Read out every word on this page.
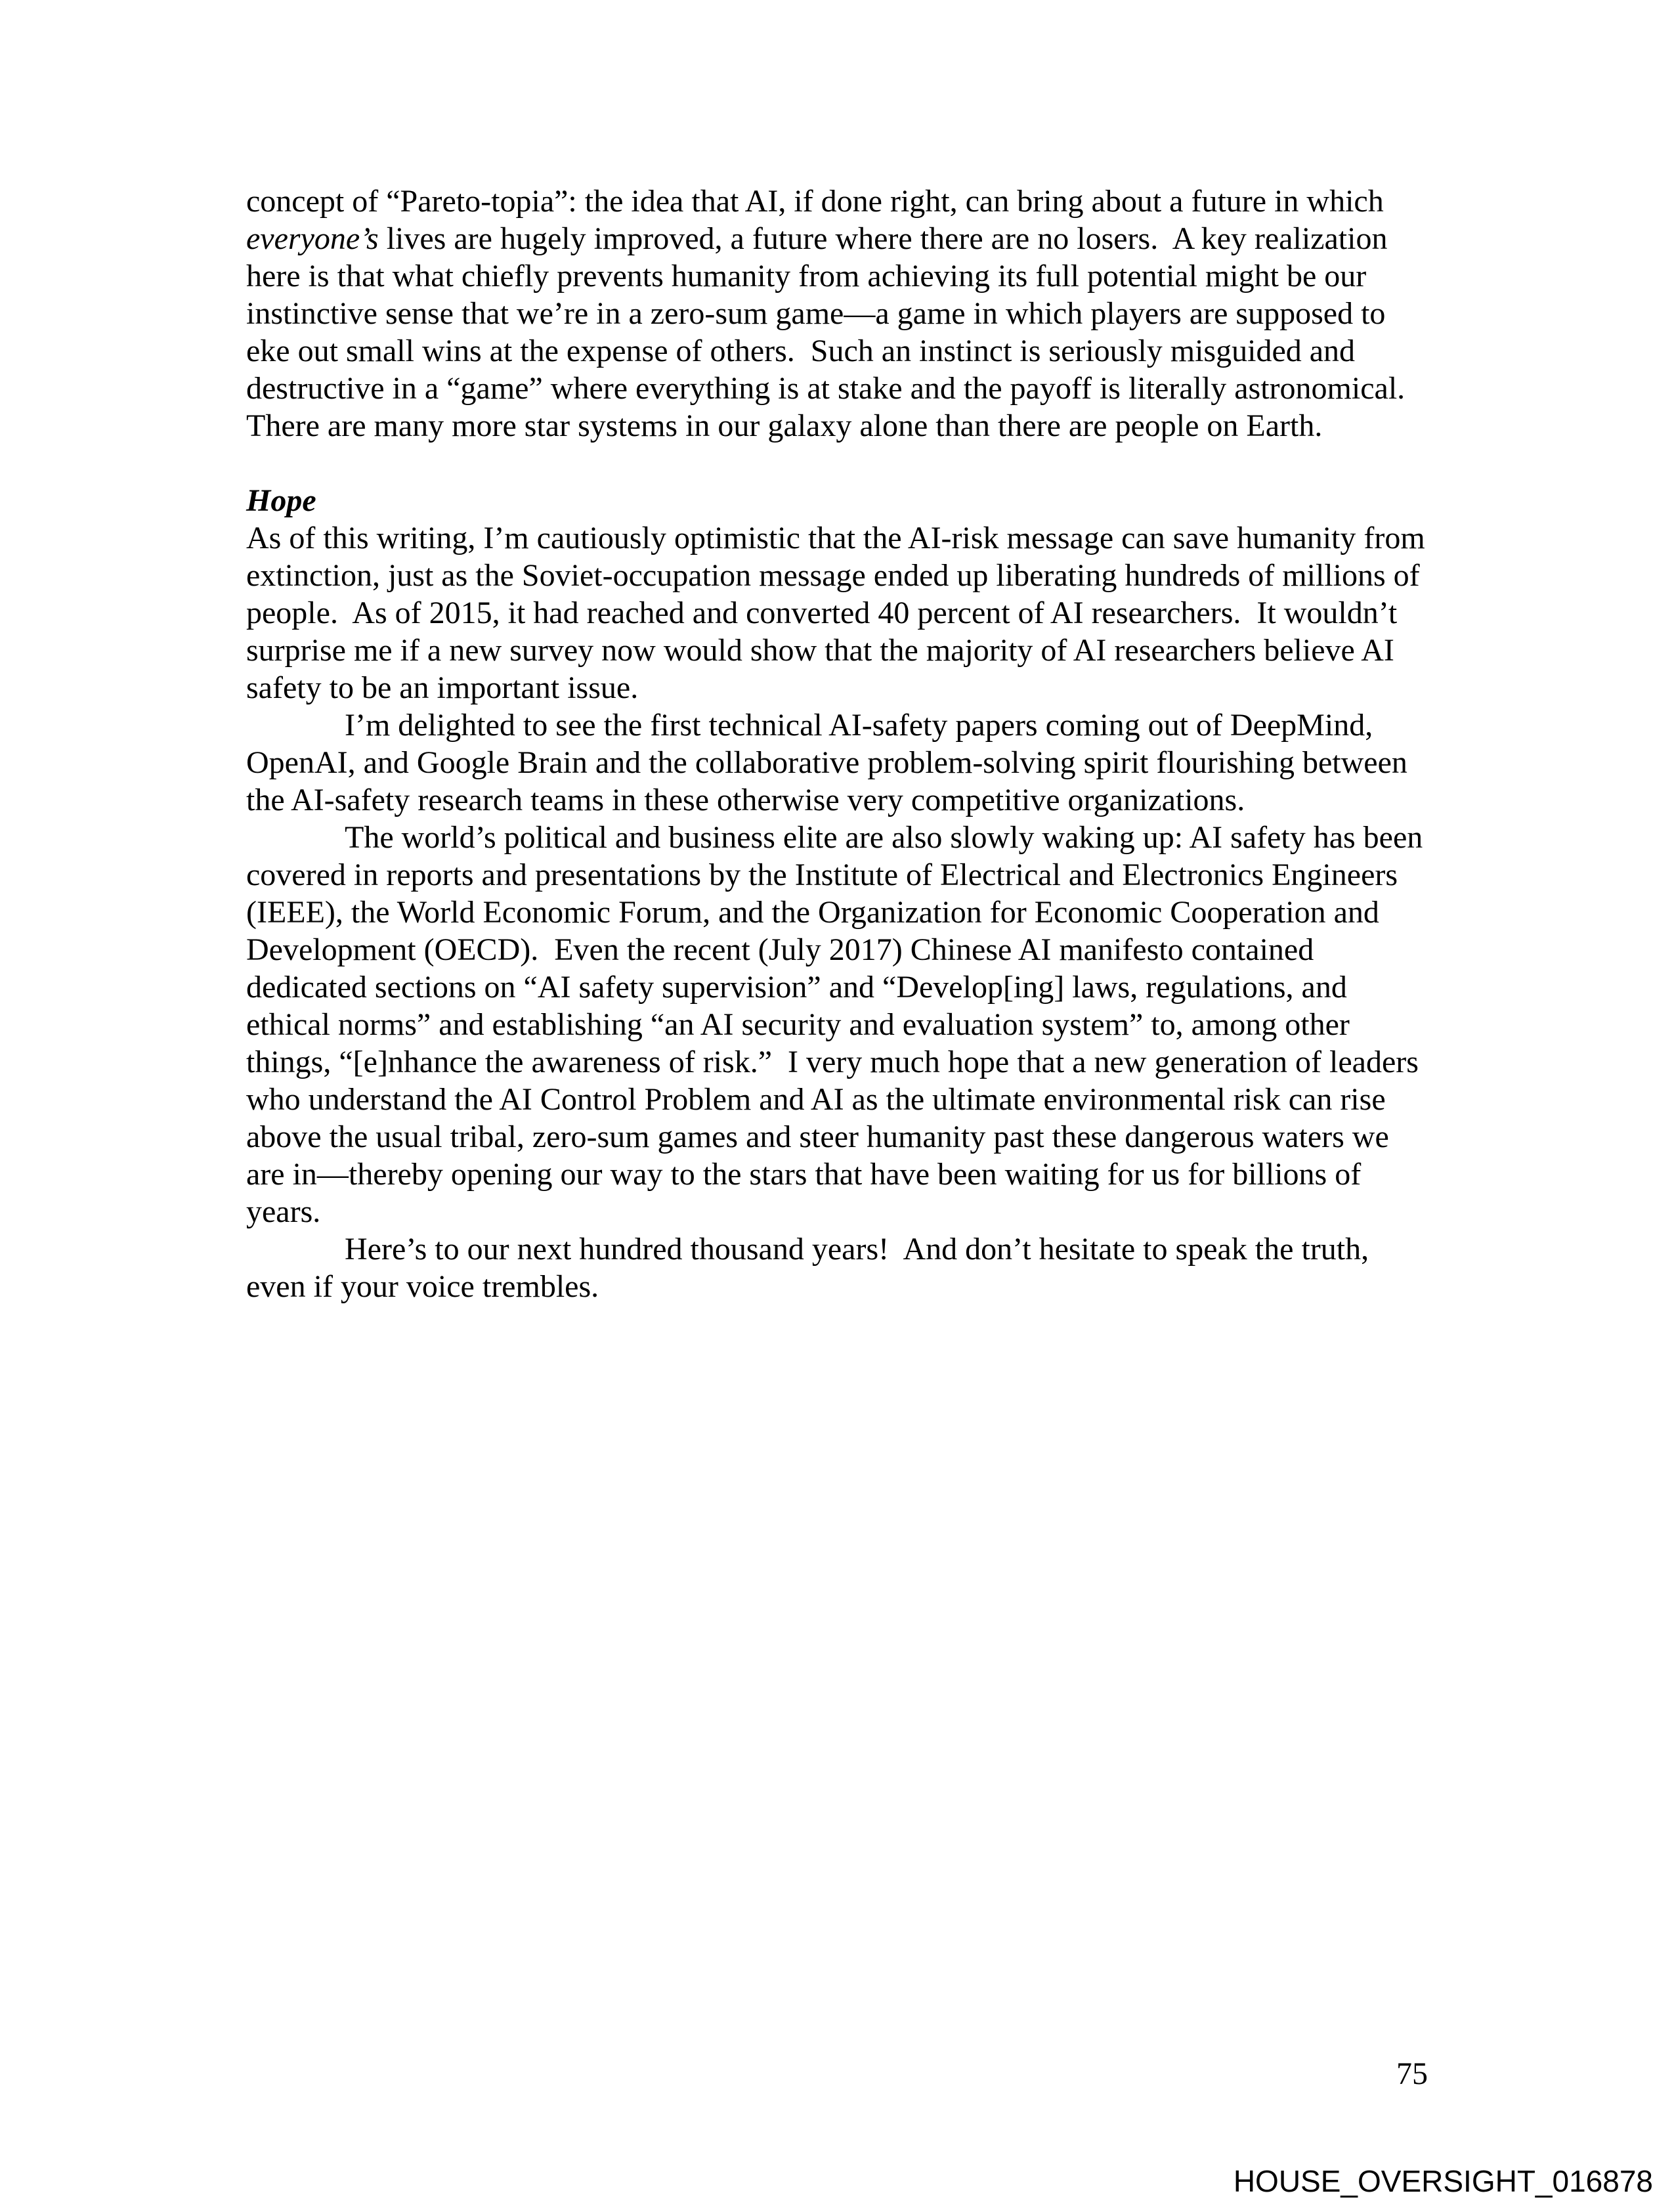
concept of “Pareto-topia”: the idea that AI, if done right, can bring about a future in which everyone’s lives are hugely improved, a future where there are no losers.  A key realization here is that what chiefly prevents humanity from achieving its full potential might be our instinctive sense that we’re in a zero-sum game—a game in which players are supposed to eke out small wins at the expense of others.  Such an instinct is seriously misguided and destructive in a “game” where everything is at stake and the payoff is literally astronomical.  There are many more star systems in our galaxy alone than there are people on Earth.

Hope

As of this writing, I’m cautiously optimistic that the AI-risk message can save humanity from extinction, just as the Soviet-occupation message ended up liberating hundreds of millions of people.  As of 2015, it had reached and converted 40 percent of AI researchers.  It wouldn’t surprise me if a new survey now would show that the majority of AI researchers believe AI safety to be an important issue.

I’m delighted to see the first technical AI-safety papers coming out of DeepMind, OpenAI, and Google Brain and the collaborative problem-solving spirit flourishing between the AI-safety research teams in these otherwise very competitive organizations.

The world’s political and business elite are also slowly waking up: AI safety has been covered in reports and presentations by the Institute of Electrical and Electronics Engineers (IEEE), the World Economic Forum, and the Organization for Economic Cooperation and Development (OECD).  Even the recent (July 2017) Chinese AI manifesto contained dedicated sections on “AI safety supervision” and “Develop[ing] laws, regulations, and ethical norms” and establishing “an AI security and evaluation system” to, among other things, “[e]nhance the awareness of risk.”  I very much hope that a new generation of leaders who understand the AI Control Problem and AI as the ultimate environmental risk can rise above the usual tribal, zero-sum games and steer humanity past these dangerous waters we are in—thereby opening our way to the stars that have been waiting for us for billions of years.

Here’s to our next hundred thousand years!  And don’t hesitate to speak the truth, even if your voice trembles.

75
HOUSE_OVERSIGHT_016878
